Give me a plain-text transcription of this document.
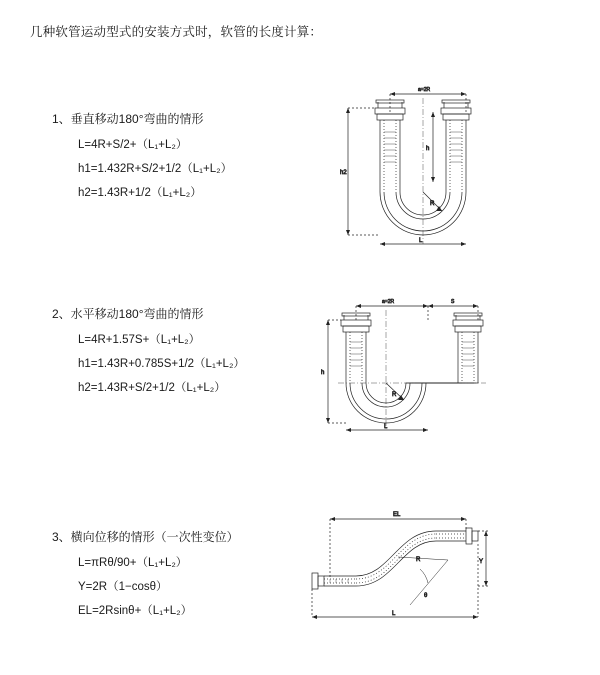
几种软管运动型式的安装方式时，软管的长度计算：
1、垂直移动180°弯曲的情形
L=4R+S/2+（L₁+L₂）
h1=1.432R+S/2+1/2（L₁+L₂）
h2=1.43R+1/2（L₁+L₂）
a=2R
R
L
h2
h
2、水平移动180°弯曲的情形
L=4R+1.57S+（L₁+L₂）
h1=1.43R+0.785S+1/2（L₁+L₂）
h2=1.43R+S/2+1/2（L₁+L₂）
a=2R	S
R
h
L
3、横向位移的情形（一次性变位）
L=πRθ/90+（L₁+L₂）
Y=2R（1−cosθ）
EL=2Rsinθ+（L₁+L₂）
EL
Y
θ
R
L
